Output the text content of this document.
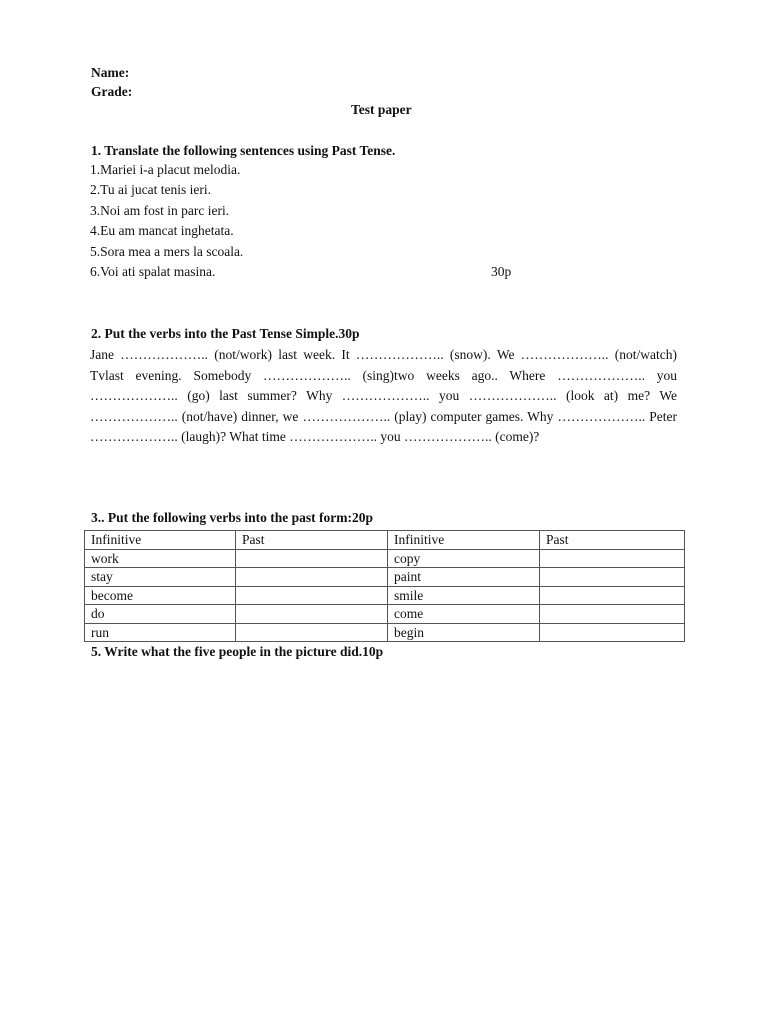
Name:
Grade:
Test paper
1. Translate the following sentences using Past Tense.
1.Mariei i-a placut melodia.
2.Tu ai jucat tenis ieri.
3.Noi am fost in parc ieri.
4.Eu am mancat inghetata.
5.Sora mea a mers la scoala.
6.Voi ati spalat masina.	30p
2. Put the verbs into the Past Tense Simple.30p
Jane ……………….. (not/work) last week. It ……………….. (snow). We ……………….. (not/watch) Tvlast evening. Somebody ……………….. (sing)two weeks ago.. Where ……………….. you ……………….. (go) last summer? Why ……………….. you ……………….. (look at) me? We ……………….. (not/have) dinner, we ……………….. (play) computer games. Why ……………….. Peter ……………….. (laugh)? What time ……………….. you ……………….. (come)?
3.. Put the following verbs into the past form:20p
Infinitive	Past	Infinitive	Past
work		copy	
stay		paint	
become		smile	
do		come	
run		begin	
5. Write what the five people in the picture did.10p
